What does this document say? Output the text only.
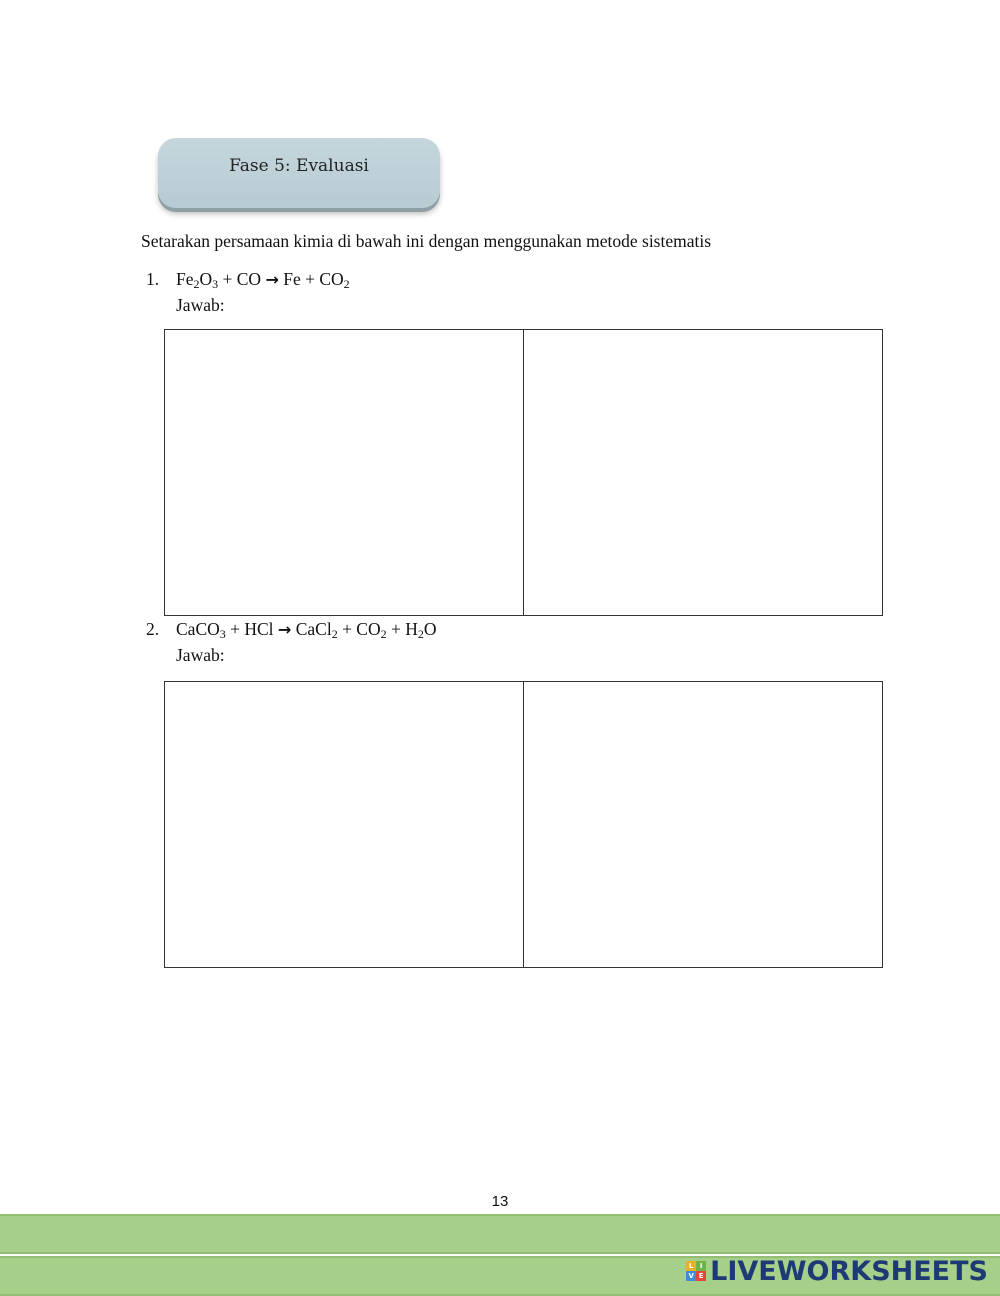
Fase 5: Evaluasi
Setarakan persamaan kimia di bawah ini dengan menggunakan metode sistematis
1. $Fe_2O_3$ + CO → $Fe + CO_2$
Jawab:

2. CaCO$_3$ + HCl → CaCl$_2$ + $CO_2 + H_2O$
Jawab:

13
L I
V E LIVEWORKSHEETS
